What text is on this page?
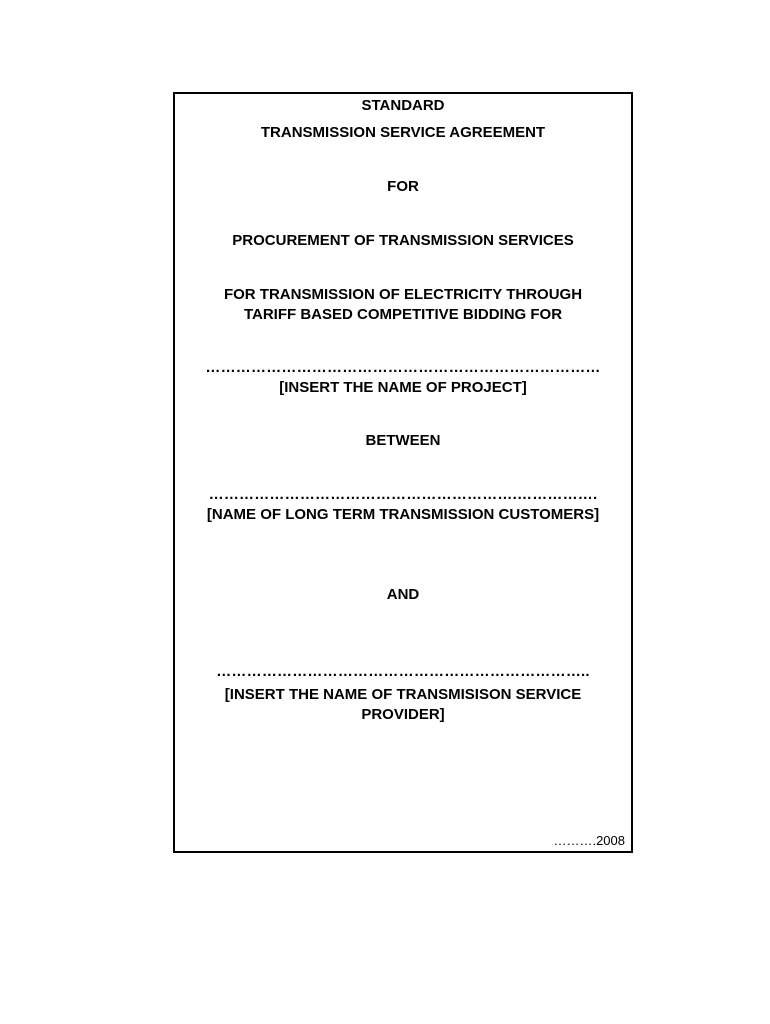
STANDARD
TRANSMISSION SERVICE AGREEMENT
FOR
PROCUREMENT OF TRANSMISSION SERVICES
FOR TRANSMISSION OF ELECTRICITY THROUGH
TARIFF BASED COMPETITIVE BIDDING FOR
……………………………………………………………………
[INSERT THE NAME OF PROJECT]
BETWEEN
…………………………………………………….…………….
[NAME OF LONG TERM TRANSMISSION CUSTOMERS]
AND
………………………………………………………………..
[INSERT THE NAME OF TRANSMISISON SERVICE
PROVIDER]
……….2008
